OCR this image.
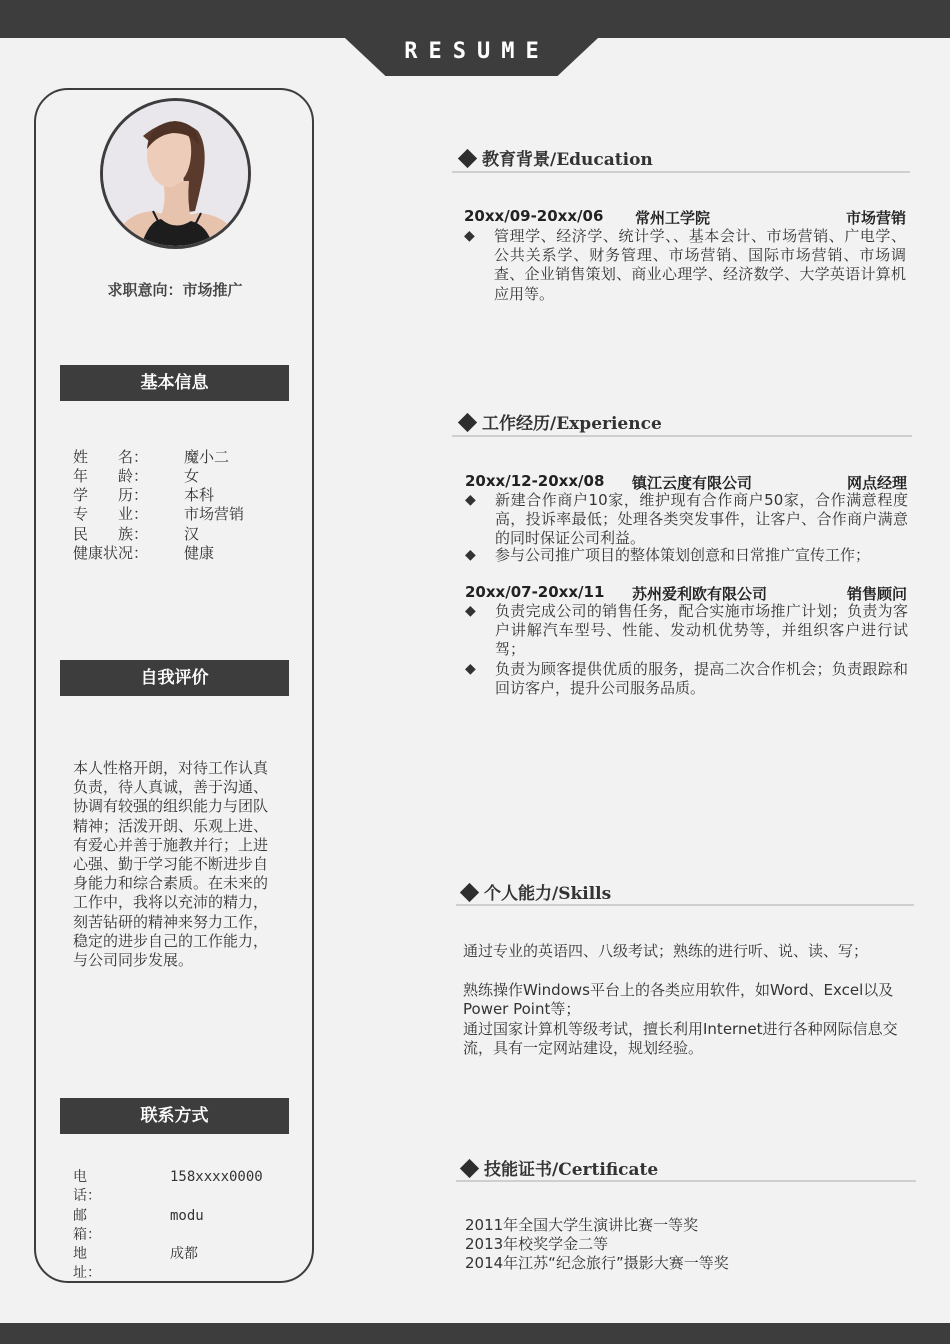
RESUME
求职意向：市场推广
基本信息
姓　　名：	魔小二
年　　龄：	女
学　　历：	本科
专　　业：	市场营销
民　　族：	汉
健康状况：	健康
自我评价
本人性格开朗，对待工作认真负责，待人真诚，善于沟通、协调有较强的组织能力与团队精神；活泼开朗、乐观上进、有爱心并善于施教并行；上进心强、勤于学习能不断进步自身能力和综合素质。在未来的工作中，我将以充沛的精力，刻苦钻研的精神来努力工作，稳定的进步自己的工作能力，与公司同步发展。
联系方式
电话：
158xxxx0000
邮箱：
modu
地址：
成都
教育背景/Education
20xx/09-20xx/06 常州工学院	市场营销
◆	管理学、经济学、统计学、、基本会计、市场营销、广电学、公共关系学、财务管理、市场营销、国际市场营销、市场调查、企业销售策划、商业心理学、经济数学、大学英语计算机应用等。
工作经历/Experience
20xx/12-20xx/08 镇江云度有限公司	网点经理
◆	新建合作商户10家，维护现有合作商户50家，合作满意程度高，投诉率最低；处理各类突发事件，让客户、合作商户满意的同时保证公司利益。
◆	参与公司推广项目的整体策划创意和日常推广宣传工作；
20xx/07-20xx/11 苏州爱利欧有限公司	销售顾问
◆	负责完成公司的销售任务，配合实施市场推广计划；负责为客户讲解汽车型号、性能、发动机优势等，并组织客户进行试驾；
◆	负责为顾客提供优质的服务，提高二次合作机会；负责跟踪和回访客户，提升公司服务品质。
个人能力/Skills
通过专业的英语四、八级考试；熟练的进行听、说、读、写；
熟练操作Windows平台上的各类应用软件，如Word、Excel以及Power Point等；
通过国家计算机等级考试，擅长利用Internet进行各种网际信息交流，具有一定网站建设，规划经验。
技能证书/Certificate
2011年全国大学生演讲比赛一等奖
2013年校奖学金二等
2014年江苏“纪念旅行”摄影大赛一等奖
